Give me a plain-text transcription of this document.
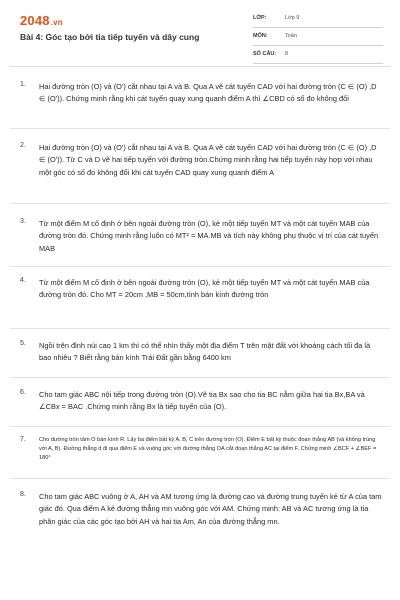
2048.vn
Bài 4: Góc tạo bởi tia tiếp tuyến và dây cung
LỚP:	Lớp 9
MÔN:	Toán
SỐ CÂU: 8
1. Hai đường tròn (O) và (O') cắt nhau tại A và B. Qua A vẽ cát tuyến CAD với hai đường tròn (C ∈ (O) ,D ∈ (O')). Chứng minh rằng khi cát tuyến quay xung quanh điểm A thì ∠CBD có số đo không đổi
2. Hai đường tròn (O) và (O') cắt nhau tại A và B. Qua A vẽ cát tuyến CAD với hai đường tròn (C ∈ (O) ,D ∈ (O')). Từ C và D vẽ hai tiếp tuyến với đường tròn.Chứng minh rằng hai tiếp tuyến này hợp với nhau một góc có số đo không đổi khi cát tuyến CAD quay xung quanh điểm A
3. Từ một điểm M cố định ở bên ngoài đường tròn (O), kẻ một tiếp tuyến MT và một cát tuyến MAB của đường tròn đó. Chứng minh rằng luôn có MT² = MA.MB và tích này không phụ thuộc vị trí của cát tuyến MAB
4. Từ một điểm M cố định ở bên ngoài đường tròn (O), kẻ một tiếp tuyến MT và một cát tuyến MAB của đường tròn đó. Cho MT = 20cm ,MB = 50cm,tính bán kính đường tròn
5. Ngồi trên đỉnh núi cao 1 km thì có thể nhìn thấy một địa điểm T trên mặt đất với khoảng cách tối đa là bao nhiêu ? Biết rằng bán kính Trái Đất gần bằng 6400 km
6. Cho tam giác ABC nội tiếp trong đường tròn (O).Vẽ tia Bx sao cho tia BC nằm giữa hai tia Bx,BA và ∠CBx = BAC .Chứng minh rằng Bx là tiếp tuyến của (O).
7. Cho đường tròn tâm O bán kính R. Lấy ba điểm bất kỳ A, B, C trên đường tròn (O). Điểm E bất kỳ thuộc đoạn thẳng AB (và không trùng với A, B). Đường thẳng d đi qua điểm E và vuông góc với đường thẳng OA cắt đoạn thẳng AC tại điểm F. Chứng minh ∠BCF + ∠BEF = 180°
8. Cho tam giác ABC vuông ở A, AH và AM tương ứng là đường cao và đường trung tuyến kẻ từ A của tam giác đó. Qua điểm A kẻ đường thẳng mn vuông góc với AM. Chứng minh: AB và AC tương ứng là tia phân giác của các góc tạo bởi AH và hai tia Am, An của đường thẳng mn.
